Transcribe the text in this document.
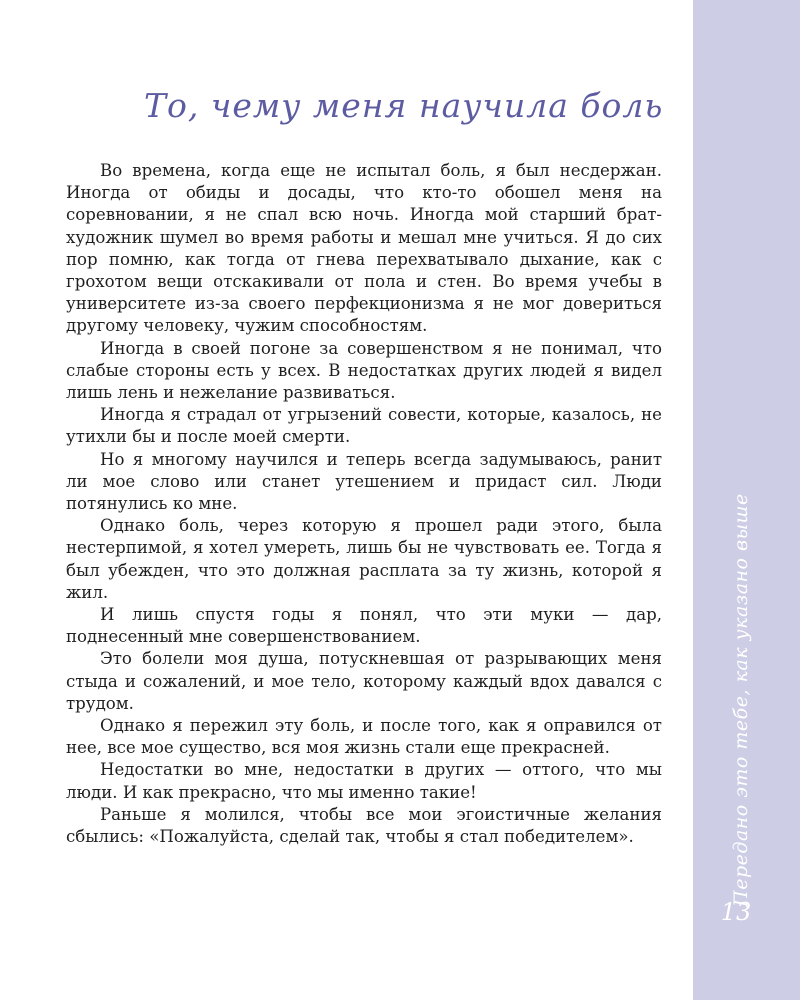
То, чему меня научила боль

Во времена, когда еще не испытал боль, я был несдержан. Иногда от обиды и досады, что кто-то обошел меня на соревновании, я не спал всю ночь. Иногда мой старший брат-художник шумел во время работы и мешал мне учиться. Я до сих пор помню, как тогда от гнева перехватывало дыхание, как с грохотом вещи отскакивали от пола и стен. Во время учебы в университете из-за своего перфекционизма я не мог довериться другому человеку, чужим способностям.

Иногда в своей погоне за совершенством я не понимал, что слабые стороны есть у всех. В недостатках других людей я видел лишь лень и нежелание развиваться.

Иногда я страдал от угрызений совести, которые, казалось, не утихли бы и после моей смерти.

Но я многому научился и теперь всегда задумываюсь, ранит ли мое слово или станет утешением и придаст сил. Люди потянулись ко мне.

Однако боль, через которую я прошел ради этого, была нестерпимой, я хотел умереть, лишь бы не чувствовать ее. Тогда я был убежден, что это должная расплата за ту жизнь, которой я жил.

И лишь спустя годы я понял, что эти муки — дар, поднесенный мне совершенствованием.

Это болели моя душа, потускневшая от разрывающих меня стыда и сожалений, и мое тело, которому каждый вдох давался с трудом.

Однако я пережил эту боль, и после того, как я оправился от нее, все мое существо, вся моя жизнь стали еще прекрасней.

Недостатки во мне, недостатки в других — оттого, что мы люди. И как прекрасно, что мы именно такие!

Раньше я молился, чтобы все мои эгоистичные желания сбылись: «Пожалуйста, сделай так, чтобы я стал победителем».	Передано это тебе, как указано выше
13
